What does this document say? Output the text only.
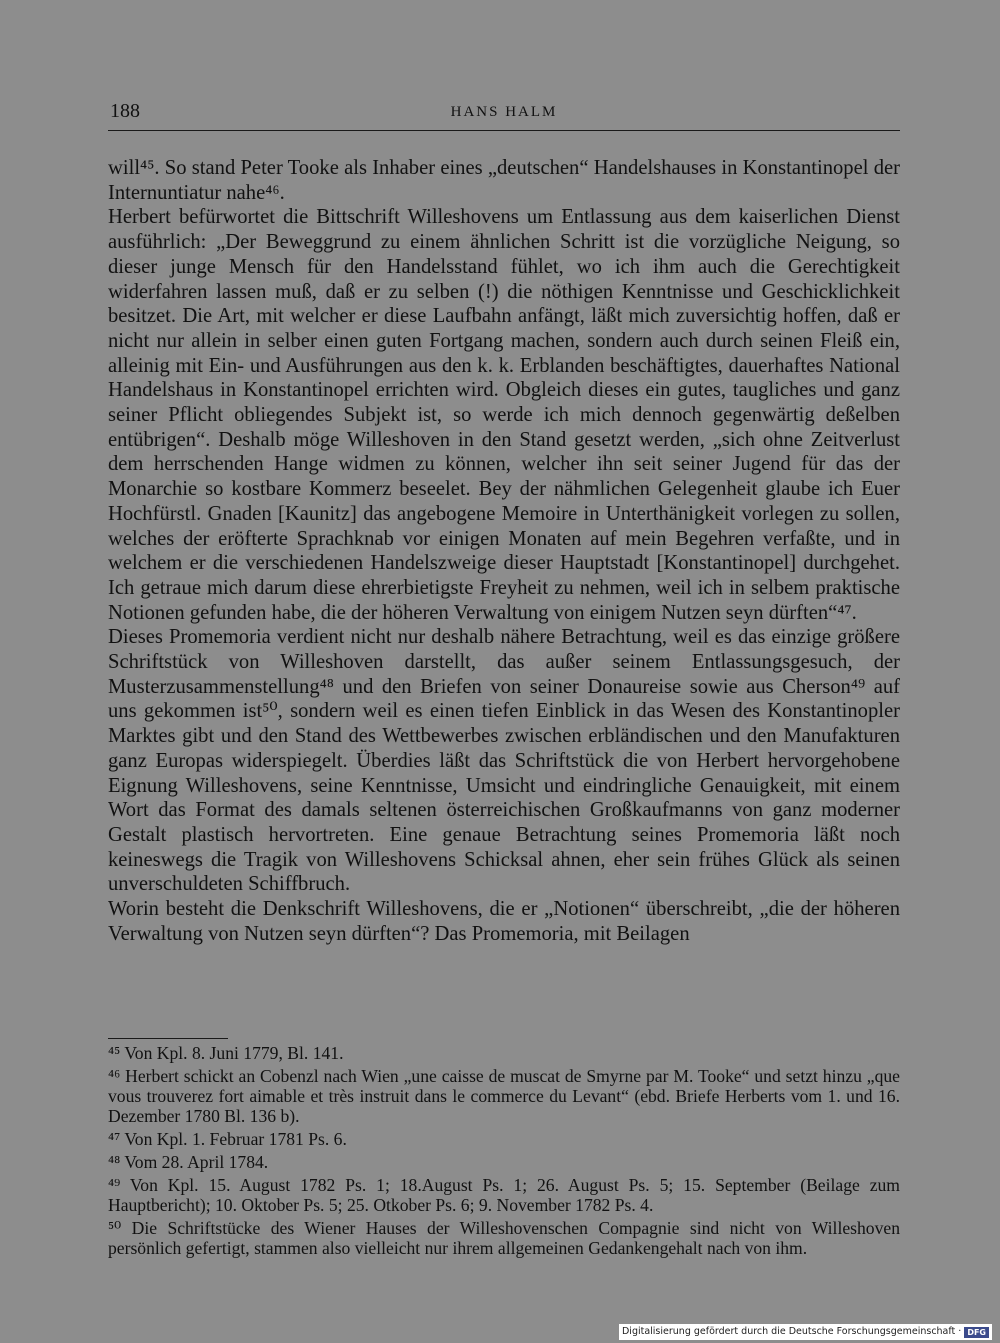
188	HANS HALM

will⁴⁵. So stand Peter Tooke als Inhaber eines „deutschen“ Handelshauses in Konstantinopel der Internuntiatur nahe⁴⁶.

Herbert befürwortet die Bittschrift Willeshovens um Entlassung aus dem kaiserlichen Dienst ausführlich: „Der Beweggrund zu einem ähnlichen Schritt ist die vorzügliche Neigung, so dieser junge Mensch für den Handelsstand fühlet, wo ich ihm auch die Gerechtigkeit widerfahren lassen muß, daß er zu selben (!) die nöthigen Kenntnisse und Geschicklichkeit besitzet. Die Art, mit welcher er diese Laufbahn anfängt, läßt mich zuversichtig hoffen, daß er nicht nur allein in selber einen guten Fortgang machen, sondern auch durch seinen Fleiß ein, alleinig mit Ein- und Ausführungen aus den k. k. Erblanden beschäftigtes, dauerhaftes National Handelshaus in Konstantinopel errichten wird. Obgleich dieses ein gutes, taugliches und ganz seiner Pflicht obliegendes Subjekt ist, so werde ich mich dennoch gegenwärtig deßelben entübrigen“. Deshalb möge Willeshoven in den Stand gesetzt werden, „sich ohne Zeitverlust dem herrschenden Hange widmen zu können, welcher ihn seit seiner Jugend für das der Monarchie so kostbare Kommerz beseelet. Bey der nähmlichen Gelegenheit glaube ich Euer Hochfürstl. Gnaden [Kaunitz] das angebogene Memoire in Unterthänigkeit vorlegen zu sollen, welches der eröfterte Sprachknab vor einigen Monaten auf mein Begehren verfaßte, und in welchem er die verschiedenen Handelszweige dieser Hauptstadt [Konstantinopel] durchgehet. Ich getraue mich darum diese ehrerbietigste Freyheit zu nehmen, weil ich in selbem praktische Notionen gefunden habe, die der höheren Verwaltung von einigem Nutzen seyn dürften“⁴⁷.

Dieses Promemoria verdient nicht nur deshalb nähere Betrachtung, weil es das einzige größere Schriftstück von Willeshoven darstellt, das außer seinem Entlassungsgesuch, der Musterzusammenstellung⁴⁸ und den Briefen von seiner Donaureise sowie aus Cherson⁴⁹ auf uns gekommen ist⁵⁰, sondern weil es einen tiefen Einblick in das Wesen des Konstantinopler Marktes gibt und den Stand des Wettbewerbes zwischen erbländischen und den Manufakturen ganz Europas widerspiegelt. Überdies läßt das Schriftstück die von Herbert hervorgehobene Eignung Willeshovens, seine Kenntnisse, Umsicht und eindringliche Genauigkeit, mit einem Wort das Format des damals seltenen österreichischen Großkaufmanns von ganz moderner Gestalt plastisch hervortreten. Eine genaue Betrachtung seines Promemoria läßt noch keineswegs die Tragik von Willeshovens Schicksal ahnen, eher sein frühes Glück als seinen unverschuldeten Schiffbruch.

Worin besteht die Denkschrift Willeshovens, die er „Notionen“ überschreibt, „die der höheren Verwaltung von Nutzen seyn dürften“? Das Promemoria, mit Beilagen

⁴⁵ Von Kpl. 8. Juni 1779, Bl. 141.

⁴⁶ Herbert schickt an Cobenzl nach Wien „une caisse de muscat de Smyrne par M. Tooke“ und setzt hinzu „que vous trouverez fort aimable et très instruit dans le commerce du Levant“ (ebd. Briefe Herberts vom 1. und 16. Dezember 1780 Bl. 136 b).

⁴⁷ Von Kpl. 1. Februar 1781 Ps. 6.

⁴⁸ Vom 28. April 1784.

⁴⁹ Von Kpl. 15. August 1782 Ps. 1; 18.August Ps. 1; 26. August Ps. 5; 15. September (Beilage zum Hauptbericht); 10. Oktober Ps. 5; 25. Otkober Ps. 6; 9. November 1782 Ps. 4.

⁵⁰ Die Schriftstücke des Wiener Hauses der Willeshovenschen Compagnie sind nicht von Willeshoven persönlich gefertigt, stammen also vielleicht nur ihrem allgemeinen Gedankengehalt nach von ihm.

Digitalisierung gefördert durch die Deutsche Forschungsgemeinschaft · DFG
